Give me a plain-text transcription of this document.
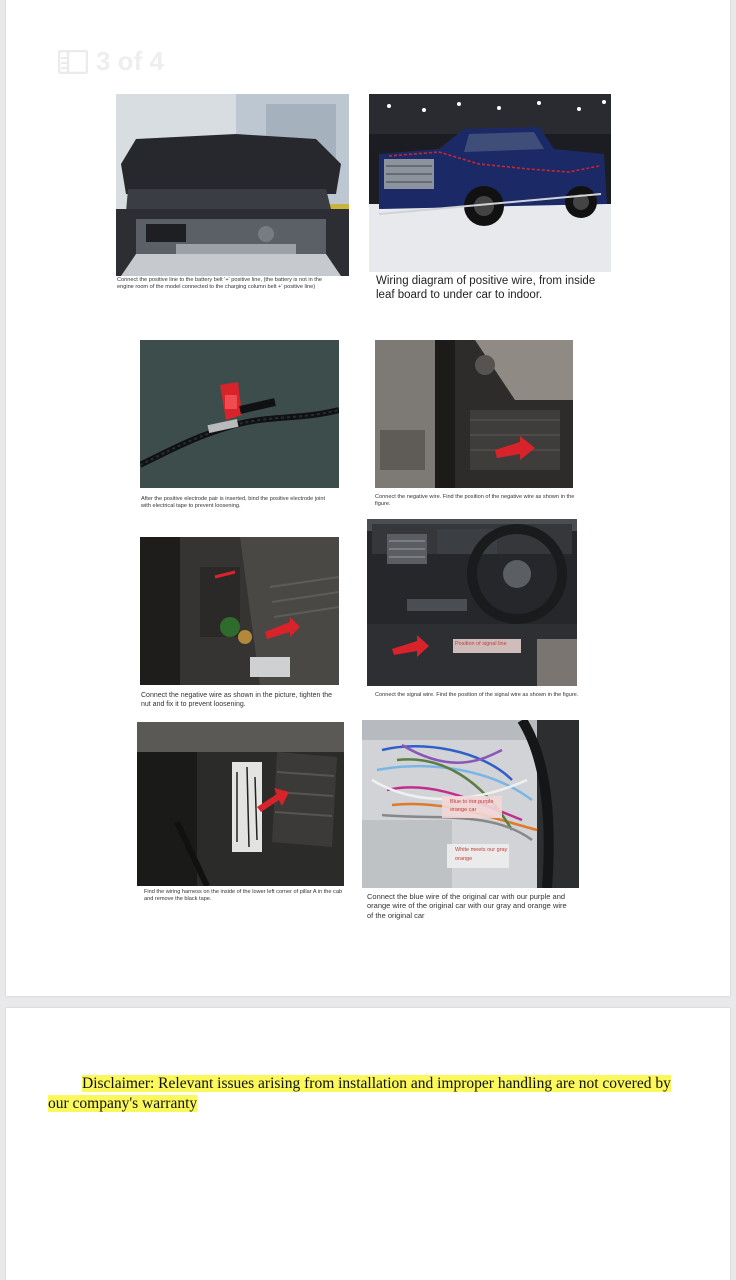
3 of 4

Connect the positive line to the battery belt '+' positive line, (the battery is not in the engine room of the model connected to the charging column belt +' positive line)	Wiring diagram of positive wire, from inside leaf board to under car to indoor.

After the positive electrode pair is inserted, bind the positive electrode joint with electrical tape to prevent loosening.

Connect the negative wire. Find the position of the negative wire as shown in the figure.

Connect the negative wire as shown in the picture, tighten the nut and fix it to prevent loosening.

Position of signal line

Connect the signal wire. Find the position of the signal wire as shown in the figure.

Find the wiring harness on the inside of the lower left corner of pillar A in the cab and remove the black tape.

Blue to our purple orange car
White meets our gray orange

Connect the blue wire of the original car with our purple and orange wire of the original car with our gray and orange wire of the original car

Disclaimer: Relevant issues arising from installation and improper handling are not covered by our company's warranty
